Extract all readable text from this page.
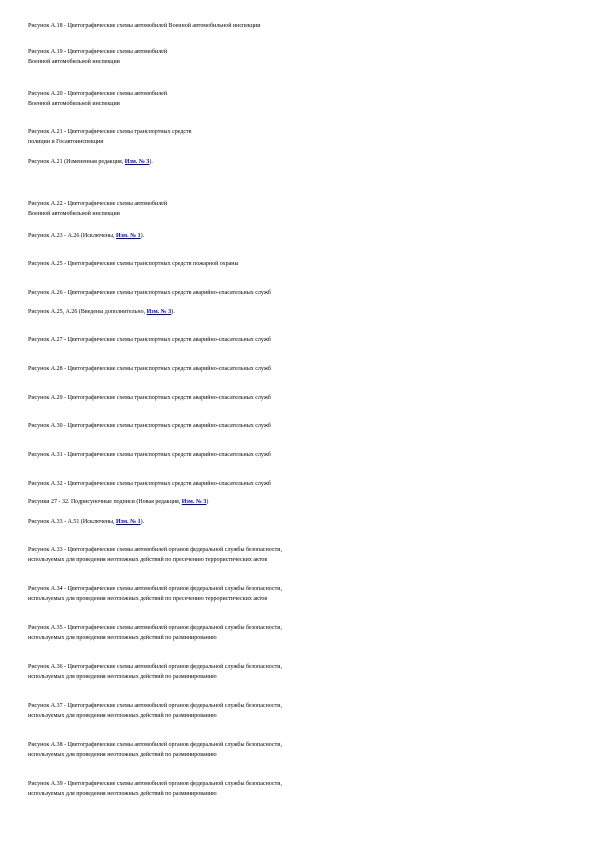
Рисунок А.18 - Цветографические схемы автомобилей Военной автомобильной инспекции

Рисунок А.19 - Цветографические схемы автомобилей

Военной автомобильной инспекции

Рисунок А.20 - Цветографические схемы автомобилей

Военной автомобильной инспекции

Рисунок А.21 - Цветографические схемы транспортных средств

полиции и Госавтоинспекции

Рисунок А.21 (Измененная редакция, Изм. № 3).

Рисунок А.22 - Цветографические схемы автомобилей

Военной автомобильной инспекции

Рисунок А.23 - А.26 (Исключены, Изм. № 1).

Рисунок А.25 - Цветографические схемы транспортных средств пожарной охраны

Рисунок А.26 - Цветографические схемы транспортных средств аварийно-спасательных служб

Рисунок А.25, А.26 (Введены дополнительно, Изм. № 3).

Рисунок А.27 - Цветографические схемы транспортных средств аварийно-спасательных служб

Рисунок А.28 - Цветографические схемы транспортных средств аварийно-спасательных служб

Рисунок А.29 - Цветографические схемы транспортных средств аварийно-спасательных служб

Рисунок А.30 - Цветографические схемы транспортных средств аварийно-спасательных служб

Рисунок А.31 - Цветографические схемы транспортных средств аварийно-спасательных служб

Рисунок А.32 - Цветографические схемы транспортных средств аварийно-спасательных служб

Рисунки 27 - 32. Подрисуночные подписи (Новая редакция, Изм. № 3)

Рисунок А.33 - А.51 (Исключены, Изм. № 1).

Рисунок А.33 - Цветографические схемы автомобилей органов федеральной службы безопасности,

используемых для проведения неотложных действий по пресечению террористических актов

Рисунок А.34 - Цветографические схемы автомобилей органов федеральной службы безопасности,

используемых для проведения неотложных действий по пресечению террористических актов

Рисунок А.35 - Цветографические схемы автомобилей органов федеральной службы безопасности,

используемых для проведения неотложных действий по разминированию

Рисунок А.36 - Цветографические схемы автомобилей органов федеральной службы безопасности,

используемых для проведения неотложных действий по разминированию

Рисунок А.37 - Цветографические схемы автомобилей органов федеральной службы безопасности,

используемых для проведения неотложных действий по разминированию

Рисунок А.38 - Цветографические схемы автомобилей органов федеральной службы безопасности,

используемых для проведения неотложных действий по разминированию

Рисунок А.39 - Цветографические схемы автомобилей органов федеральной службы безопасности,

используемых для проведения неотложных действий по разминированию
